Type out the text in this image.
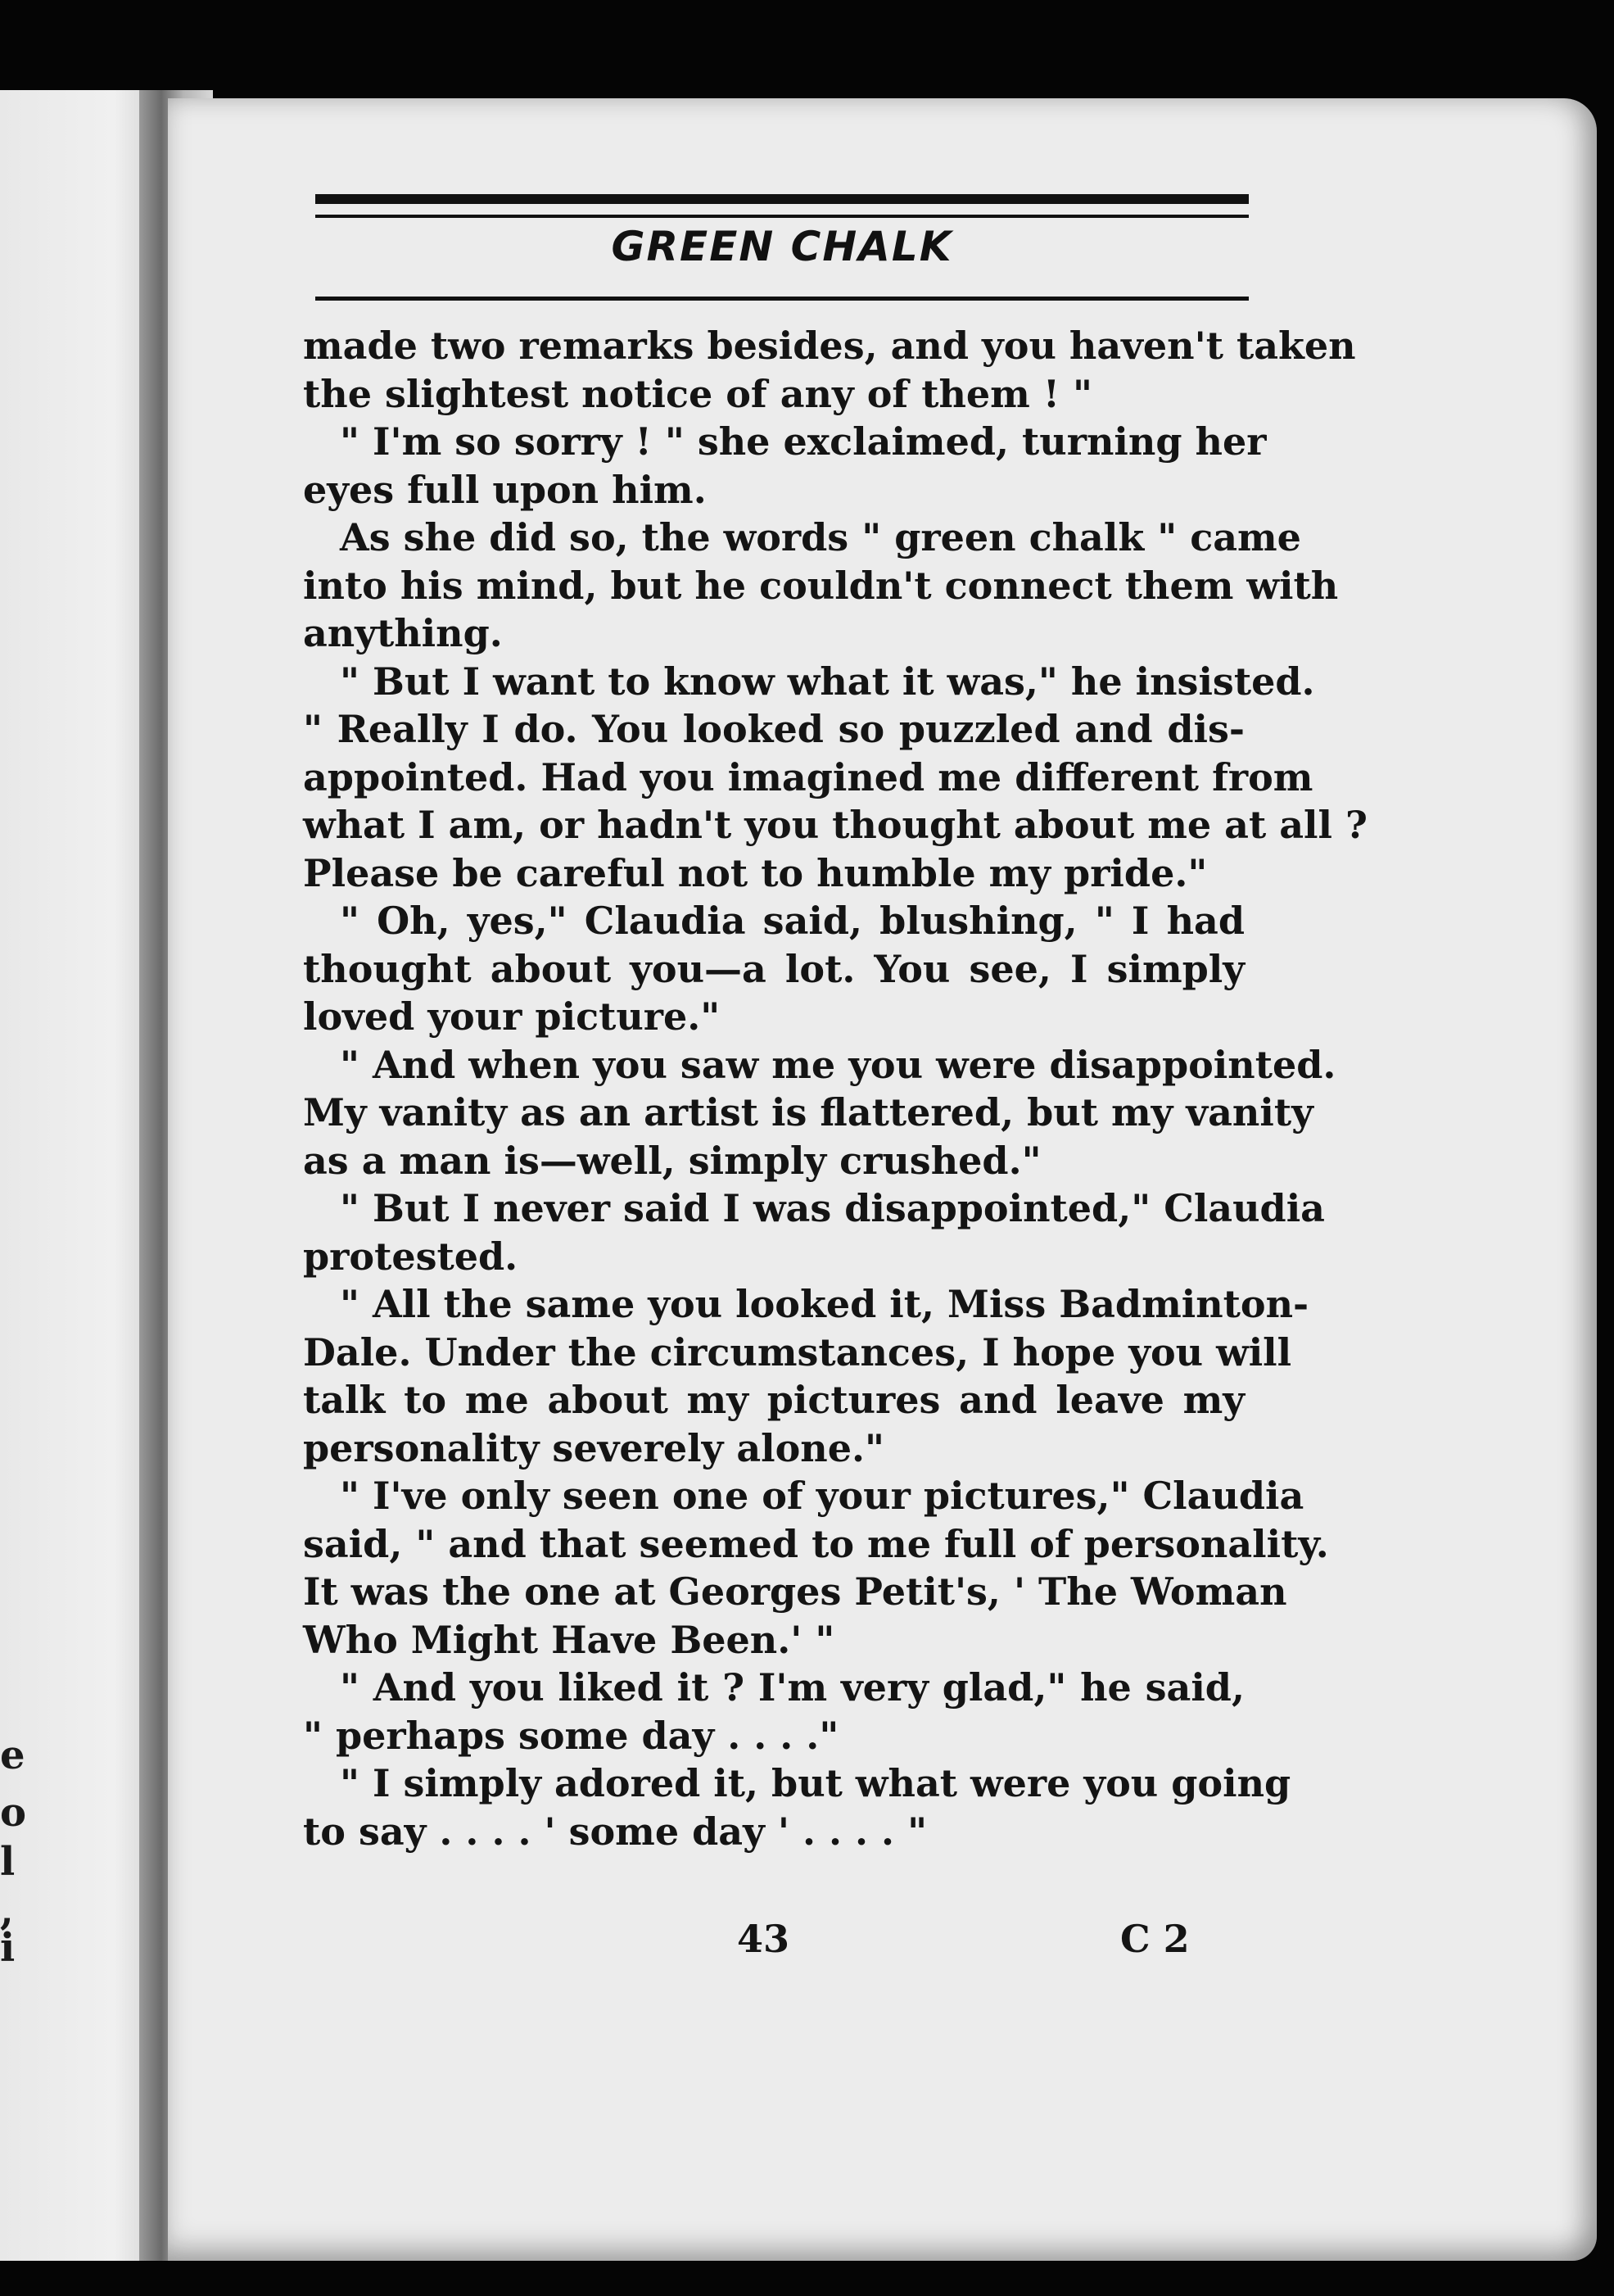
e
o
l
,
i
GREEN CHALK
made two remarks besides, and you haven't taken
the slightest notice of any of them ! "
" I'm so sorry ! " she exclaimed, turning her
eyes full upon him.
As she did so, the words " green chalk " came
into his mind, but he couldn't connect them with
anything.
" But I want to know what it was," he insisted.
" Really I do. You looked so puzzled and dis-
appointed. Had you imagined me different from
what I am, or hadn't you thought about me at all ?
Please be careful not to humble my pride."
" Oh, yes," Claudia said, blushing, " I had
thought about you—a lot. You see, I simply
loved your picture."
" And when you saw me you were disappointed.
My vanity as an artist is flattered, but my vanity
as a man is—well, simply crushed."
" But I never said I was disappointed," Claudia
protested.
" All the same you looked it, Miss Badminton-
Dale. Under the circumstances, I hope you will
talk to me about my pictures and leave my
personality severely alone."
" I've only seen one of your pictures," Claudia
said, " and that seemed to me full of personality.
It was the one at Georges Petit's, ' The Woman
Who Might Have Been.' "
" And you liked it ? I'm very glad," he said,
" perhaps some day . . . ."
" I simply adored it, but what were you going
to say . . . . ' some day ' . . . . "
43	C 2
